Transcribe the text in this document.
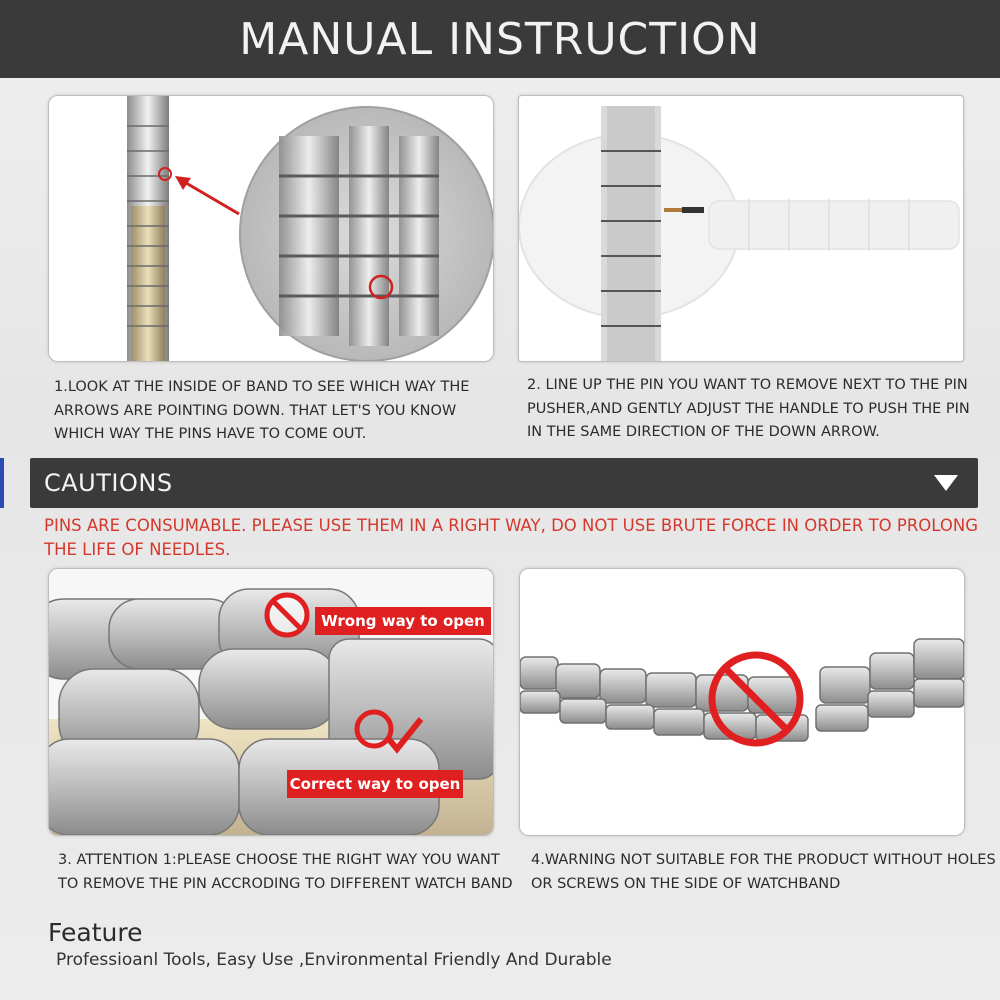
MANUAL INSTRUCTION
1.LOOK AT THE INSIDE OF BAND TO SEE WHICH WAY THE
ARROWS ARE POINTING DOWN. THAT LET'S YOU KNOW
WHICH WAY THE PINS HAVE TO COME OUT.
2. LINE UP THE PIN YOU WANT TO REMOVE NEXT TO THE PIN
PUSHER,AND GENTLY ADJUST THE HANDLE TO PUSH THE PIN
IN THE SAME DIRECTION OF THE DOWN ARROW.
CAUTIONS
PINS ARE CONSUMABLE. PLEASE USE THEM IN A RIGHT WAY, DO NOT USE BRUTE FORCE IN ORDER TO PROLONG
THE LIFE OF NEEDLES.
Wrong way to open
Correct way to open
3. ATTENTION 1:PLEASE CHOOSE THE RIGHT WAY YOU WANT
TO REMOVE THE PIN ACCRODING TO DIFFERENT WATCH BAND
4.WARNING NOT SUITABLE FOR THE PRODUCT WITHOUT HOLES
OR SCREWS ON THE SIDE OF WATCHBAND
Feature
Professioanl Tools, Easy Use ,Environmental Friendly And Durable
